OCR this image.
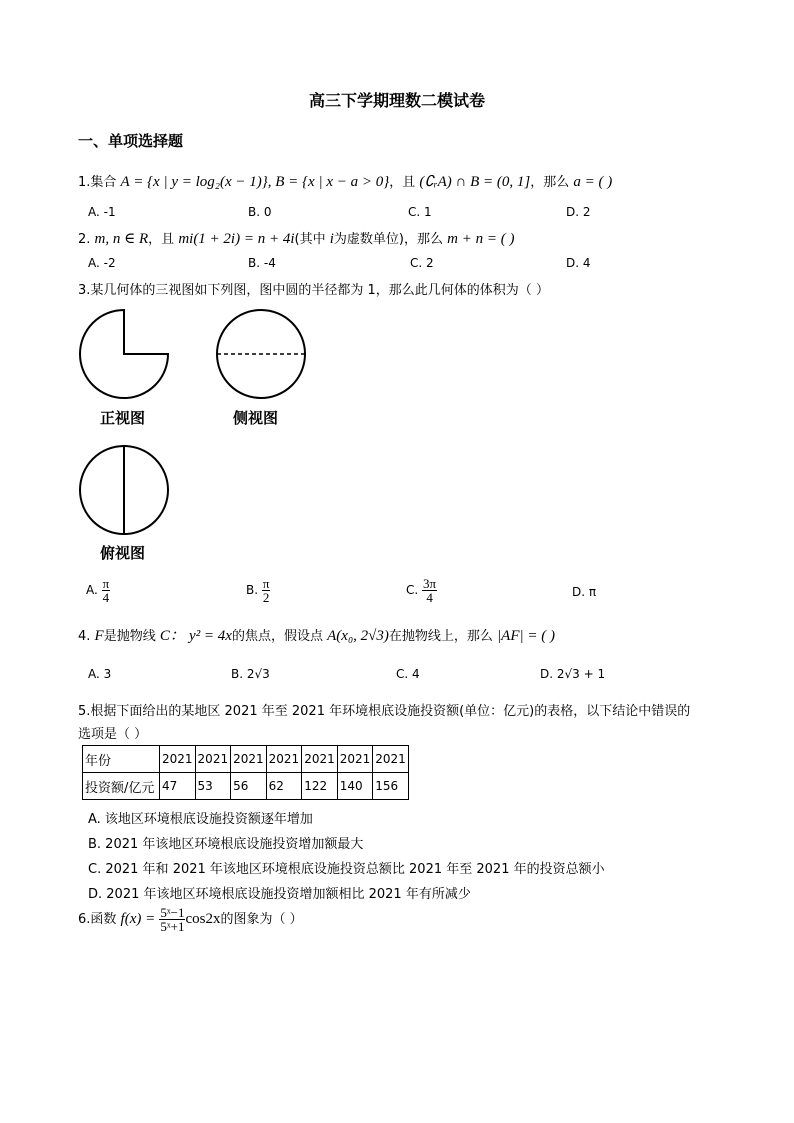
高三下学期理数二模试卷
一、单项选择题
1.集合 A = {x | y = log₂(x − 1)}, B = {x | x − a > 0}，且 (∁ᵣA) ∩ B = (0, 1]，那么 a = ( )
A. -1	B. 0	C. 1	D. 2
2. m, n ∈ R，且 mi(1 + 2i) = n + 4i(其中 i为虚数单位)，那么 m + n = ( )
A. -2	B. -4	C. 2	D. 4
3.某几何体的三视图如下列图，图中圆的半径都为 1，那么此几何体的体积为（ ）
正视图	侧视图
俯视图
A. $\frac{\pi}{4}$	B. $\frac{\pi}{2}$	C. $\frac{3\pi}{4}$	D. π
4. F是抛物线 C： y² = 4x的焦点，假设点 A(x₀, 2√3)在抛物线上，那么 |AF| = ( )
A. 3	B. 2√3	C. 4	D. 2√3 + 1
5.根据下面给出的某地区 2021 年至 2021 年环境根底设施投资额(单位：亿元)的表格，以下结论中错误的
选项是（ ）
年份	2021	2021	2021	2021	2021	2021	2021
投资额/亿元	47	53	56	62	122	140	156
A. 该地区环境根底设施投资额逐年增加
B. 2021 年该地区环境根底设施投资增加额最大
C. 2021 年和 2021 年该地区环境根底设施投资总额比 2021 年至 2021 年的投资总额小
D. 2021 年该地区环境根底设施投资增加额相比 2021 年有所减少
6.函数 $f(x) = \frac{\text{5ˣ−1}}{\text{5ˣ+1}} \cos 2x$的图象为（ ）
